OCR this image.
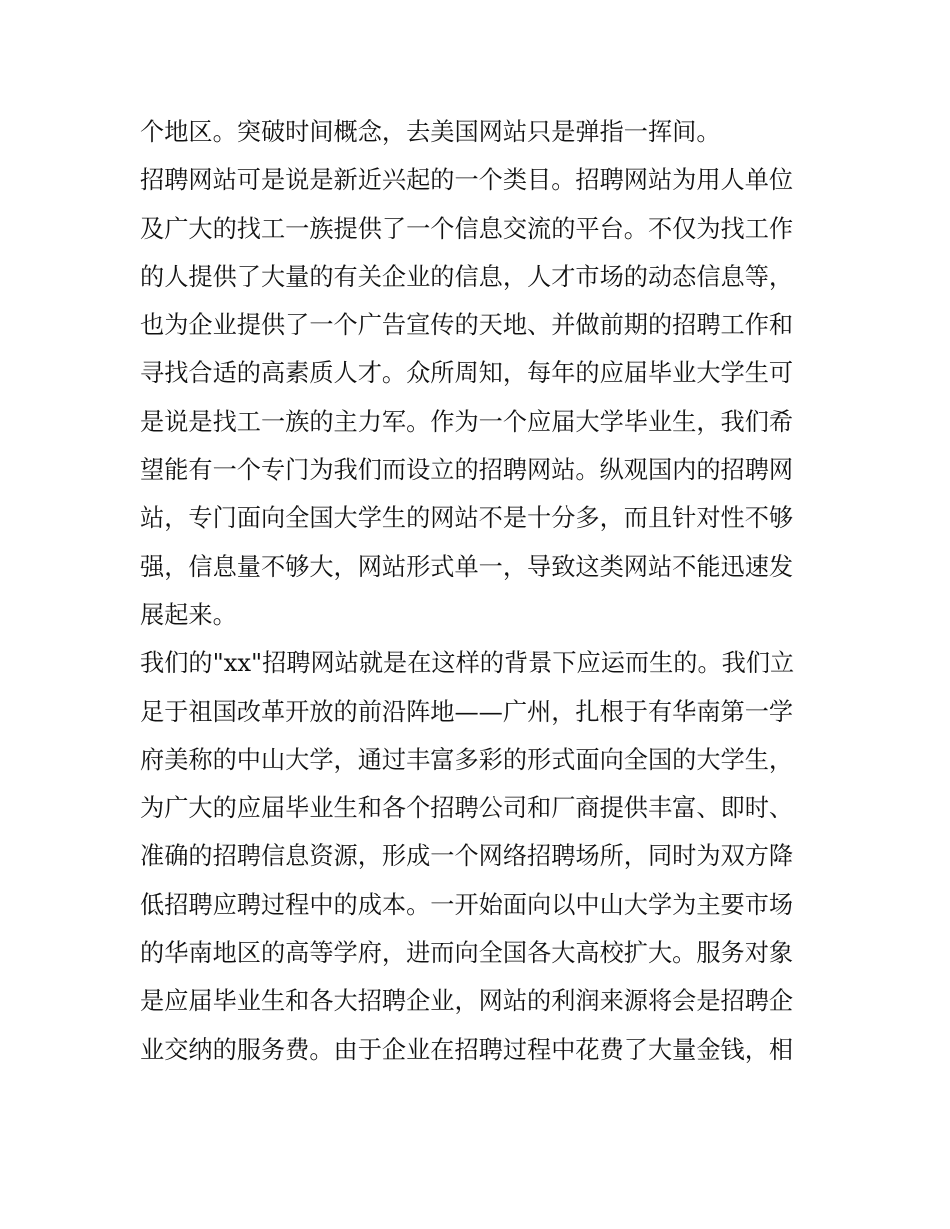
个地区。突破时间概念，去美国网站只是弹指一挥间。
招聘网站可是说是新近兴起的一个类目。招聘网站为用人单位
及广大的找工一族提供了一个信息交流的平台。不仅为找工作
的人提供了大量的有关企业的信息，人才市场的动态信息等，
也为企业提供了一个广告宣传的天地、并做前期的招聘工作和
寻找合适的高素质人才。众所周知，每年的应届毕业大学生可
是说是找工一族的主力军。作为一个应届大学毕业生，我们希
望能有一个专门为我们而设立的招聘网站。纵观国内的招聘网
站，专门面向全国大学生的网站不是十分多，而且针对性不够
强，信息量不够大，网站形式单一，导致这类网站不能迅速发
展起来。
我们的"xx"招聘网站就是在这样的背景下应运而生的。我们立
足于祖国改革开放的前沿阵地——广州，扎根于有华南第一学
府美称的中山大学，通过丰富多彩的形式面向全国的大学生，
为广大的应届毕业生和各个招聘公司和厂商提供丰富、即时、
准确的招聘信息资源，形成一个网络招聘场所，同时为双方降
低招聘应聘过程中的成本。一开始面向以中山大学为主要市场
的华南地区的高等学府，进而向全国各大高校扩大。服务对象
是应届毕业生和各大招聘企业，网站的利润来源将会是招聘企
业交纳的服务费。由于企业在招聘过程中花费了大量金钱，相
